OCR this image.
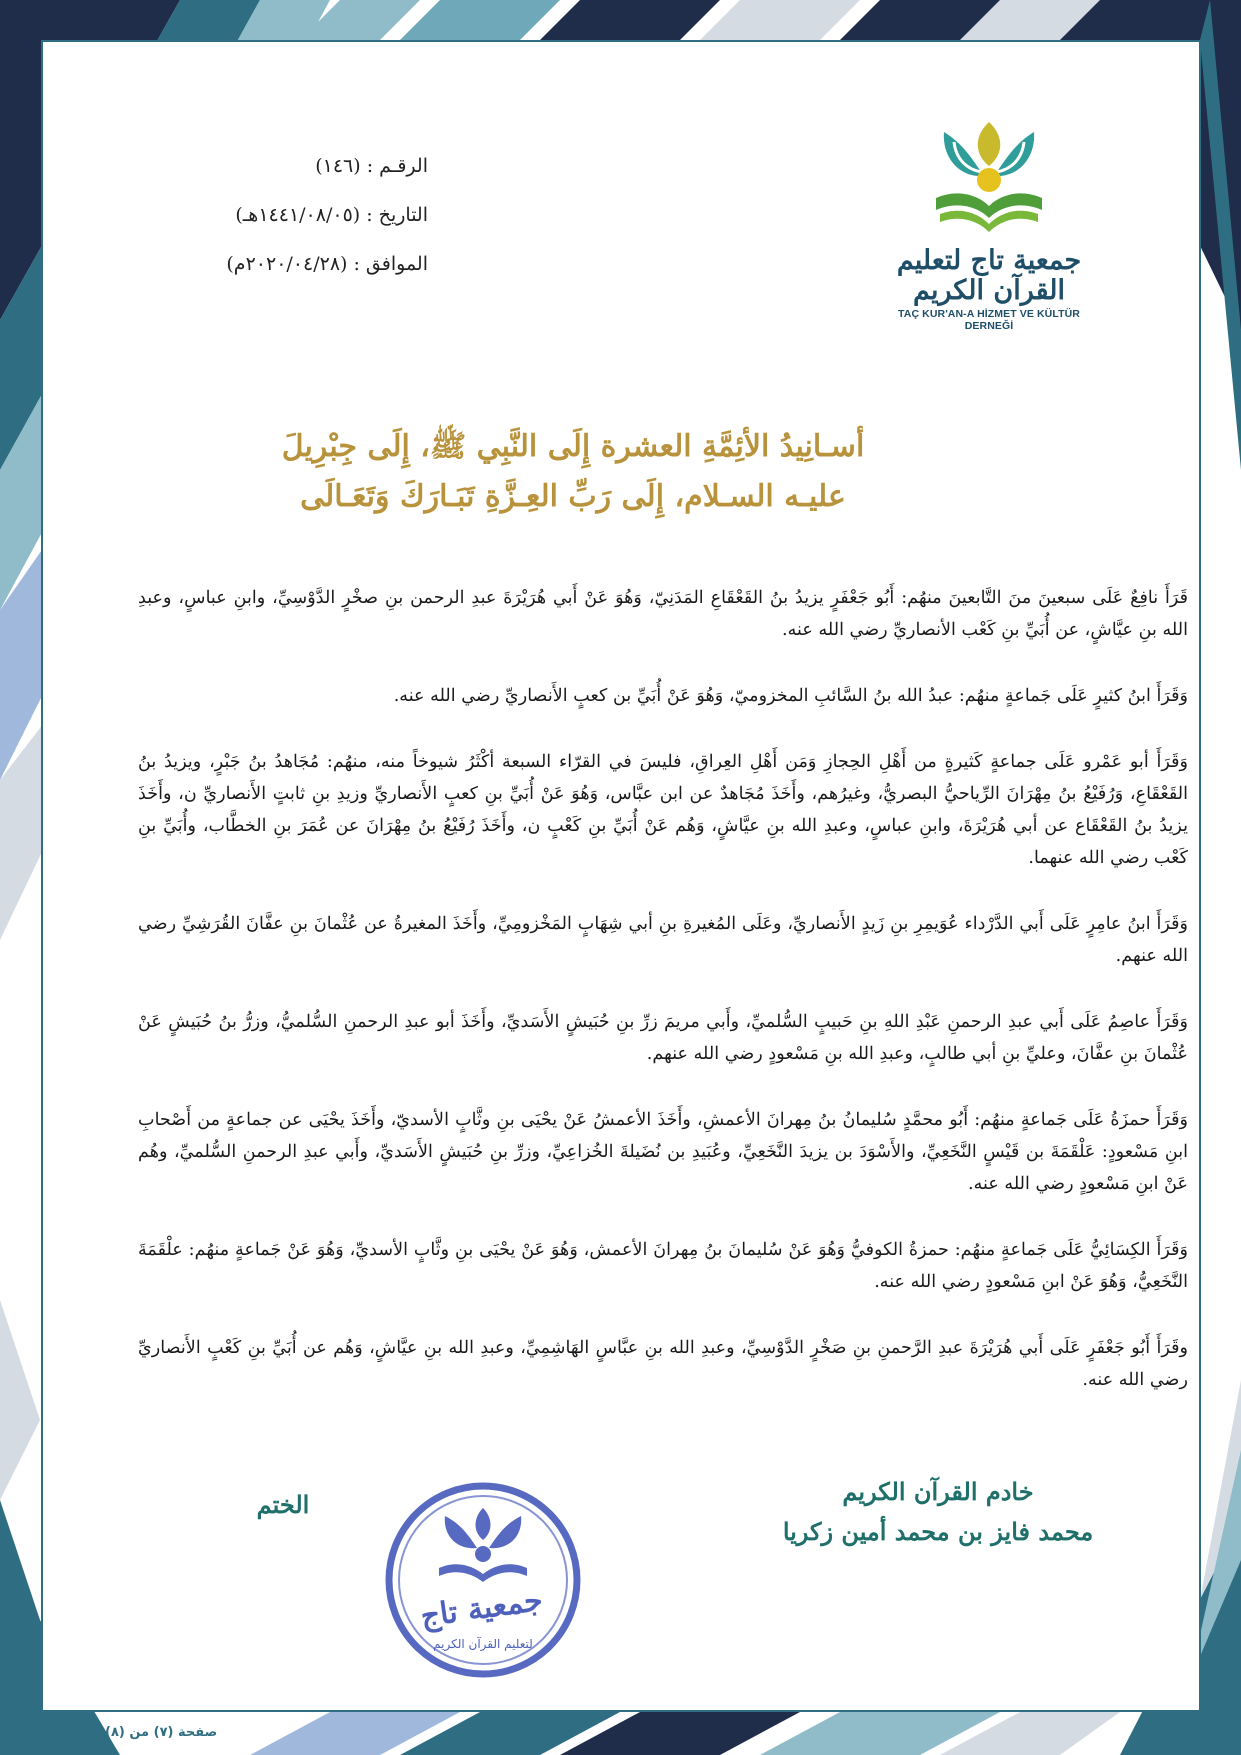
جمعية تاج لتعليم القرآن الكريم
TAÇ KUR'AN-A HİZMET VE KÜLTÜR DERNEĞİ
الرقـم : (١٤٦)
التاريخ : (١٤٤١/٠٨/٠٥هـ)
الموافق : (٢٠٢٠/٠٤/٢٨م)
أسـانِيدُ الأئِمَّةِ العشرة إِلَى النَّبِي ﷺ، إِلَى جِبْرِيلَ
عليـه السـلام، إِلَى رَبِّ العِـزَّةِ تَبَـارَكَ وَتَعَـالَى

قَرَأَ نافِعٌ عَلَى سبعينَ منَ التَّابعينَ منهُم: أَبُو جَعْفَرٍ يزيدُ بنُ القَعْقَاعِ المَدَنِيّ، وَهُوَ عَنْ أَبي هُرَيْرَةَ عبدِ الرحمن بنِ صخْرٍ الدَّوْسِيِّ، وابنِ عباسٍ، وعبدِ الله بنِ عيَّاشٍ، عن أُبَيِّ بنِ كَعْب الأنصاريِّ رضي الله عنه.

وَقَرَأَ ابنُ كثيرٍ عَلَى جَماعةٍ منهُم: عبدُ الله بنُ السَّائبِ المخزوميّ، وَهُوَ عَنْ أُبَيِّ بن كعبٍ الأَنصاريِّ رضي الله عنه.

وَقَرَأَ أبو عَمْرو عَلَى جماعةٍ كَثيرةٍ من أَهْلِ الحِجازِ وَمَن أَهْلِ العِراقِ، فليسَ في القرّاء السبعة أكْثَرُ شيوخاً منه، منهُم: مُجَاهدُ بنُ جَبْرٍ، ويزيدُ بنُ القَعْقَاعِ، وَرُفَيْعُ بنُ مِهْرَانَ الرِّياحيُّ البصريُّ، وغيرُهم، وأَخَذَ مُجَاهدٌ عن ابن عبَّاس، وَهُوَ عَنْ أُبَيِّ بنِ كعبٍ الأَنصاريِّ وزيدِ بنِ ثابتٍ الأَنصاريِّ ن، وأَخَذَ يزيدُ بنُ القَعْقَاع عن أبي هُرَيْرَةَ، وابنِ عباسٍ، وعبدِ الله بنِ عيَّاشٍ، وَهُم عَنْ أُبَيِّ بنِ كَعْبٍ ن، وأَخَذَ رُفَيْعُ بنُ مِهْرَانَ عن عُمَرَ بنِ الخطَّاب، وأُبَيِّ بنِ كَعْب رضي الله عنهما.

وَقَرَأَ ابنُ عامِرٍ عَلَى أَبي الدَّرْداء عُوَيمِرِ بنِ زَيدٍ الأَنصاريِّ، وعَلَى المُغيرةِ بنِ أبي شِهَابٍ المَخْزومِيِّ، وأَخَذَ المغيرةُ عن عُثْمانَ بنِ عفَّانَ القُرَشِيِّ رضي الله عنهم.

وَقَرَأَ عاصِمُ عَلَى أَبي عبدِ الرحمنِ عَبْدِ اللهِ بنِ حَبيبٍ السُّلميِّ، وأَبي مريمَ زرِّ بنِ حُبَيشٍ الأَسَديِّ، وأَخَذَ أبو عبدِ الرحمنِ السُّلميُّ، وزرُّ بنُ حُبَيشٍ عَنْ عُثْمانَ بنِ عفَّانَ، وعليِّ بنِ أبي طالبٍ، وعبدِ الله بنِ مَسْعودٍ رضي الله عنهم.

وَقَرَأَ حمزَةُ عَلَى جَماعةٍ منهُم: أَبُو محمَّدٍ سُليمانُ بنُ مِهرانَ الأعمشِ، وأَخَذَ الأعمشُ عَنْ يحْيَى بنِ وثَّابٍ الأسديّ، وأَخَذَ يحْيَى عن جماعةٍ من أَصْحابِ ابنِ مَسْعودٍ: عَلْقَمَةَ بن قَيْسٍ النَّخَعِيِّ، والأَسْوَدَ بن يزيدَ النَّخَعِيِّ، وعُبَيدِ بن نُضَيلةَ الخُزاعِيِّ، وزرِّ بنِ حُبَيشٍ الأَسَديِّ، وأَبي عبدِ الرحمنِ السُّلميِّ، وهُم عَنْ ابنِ مَسْعودٍ رضي الله عنه.

وَقَرَأَ الكِسَائِيُّ عَلَى جَماعةٍ منهُم: حمزةُ الكوفيُّ وَهُوَ عَنْ سُليمانَ بنُ مِهرانَ الأعمش، وَهُوَ عَنْ يحْيَى بنِ وثَّابٍ الأسديِّ، وَهُوَ عَنْ جَماعةٍ منهُم: علْقَمَةَ النَّخَعِيُّ، وَهُوَ عَنْ ابنِ مَسْعودٍ رضي الله عنه.

وقَرَأَ أَبُو جَعْفَرٍ عَلَى أَبي هُرَيْرَةَ عبدِ الرَّحمنِ بنِ صَخْرٍ الدَّوْسِيِّ، وعبدِ الله بنِ عبَّاسٍ الهَاشِمِيِّ، وعبدِ الله بنِ عيَّاشٍ، وَهُم عن أُبَيِّ بنِ كَعْبٍ الأَنصاريِّ رضي الله عنه.

خادم القرآن الكريم
محمد فايز بن محمد أمين زكريا
الختم
جمعية تاج
لتعليم القرآن الكريم
صفحة (٧) من (٨)
